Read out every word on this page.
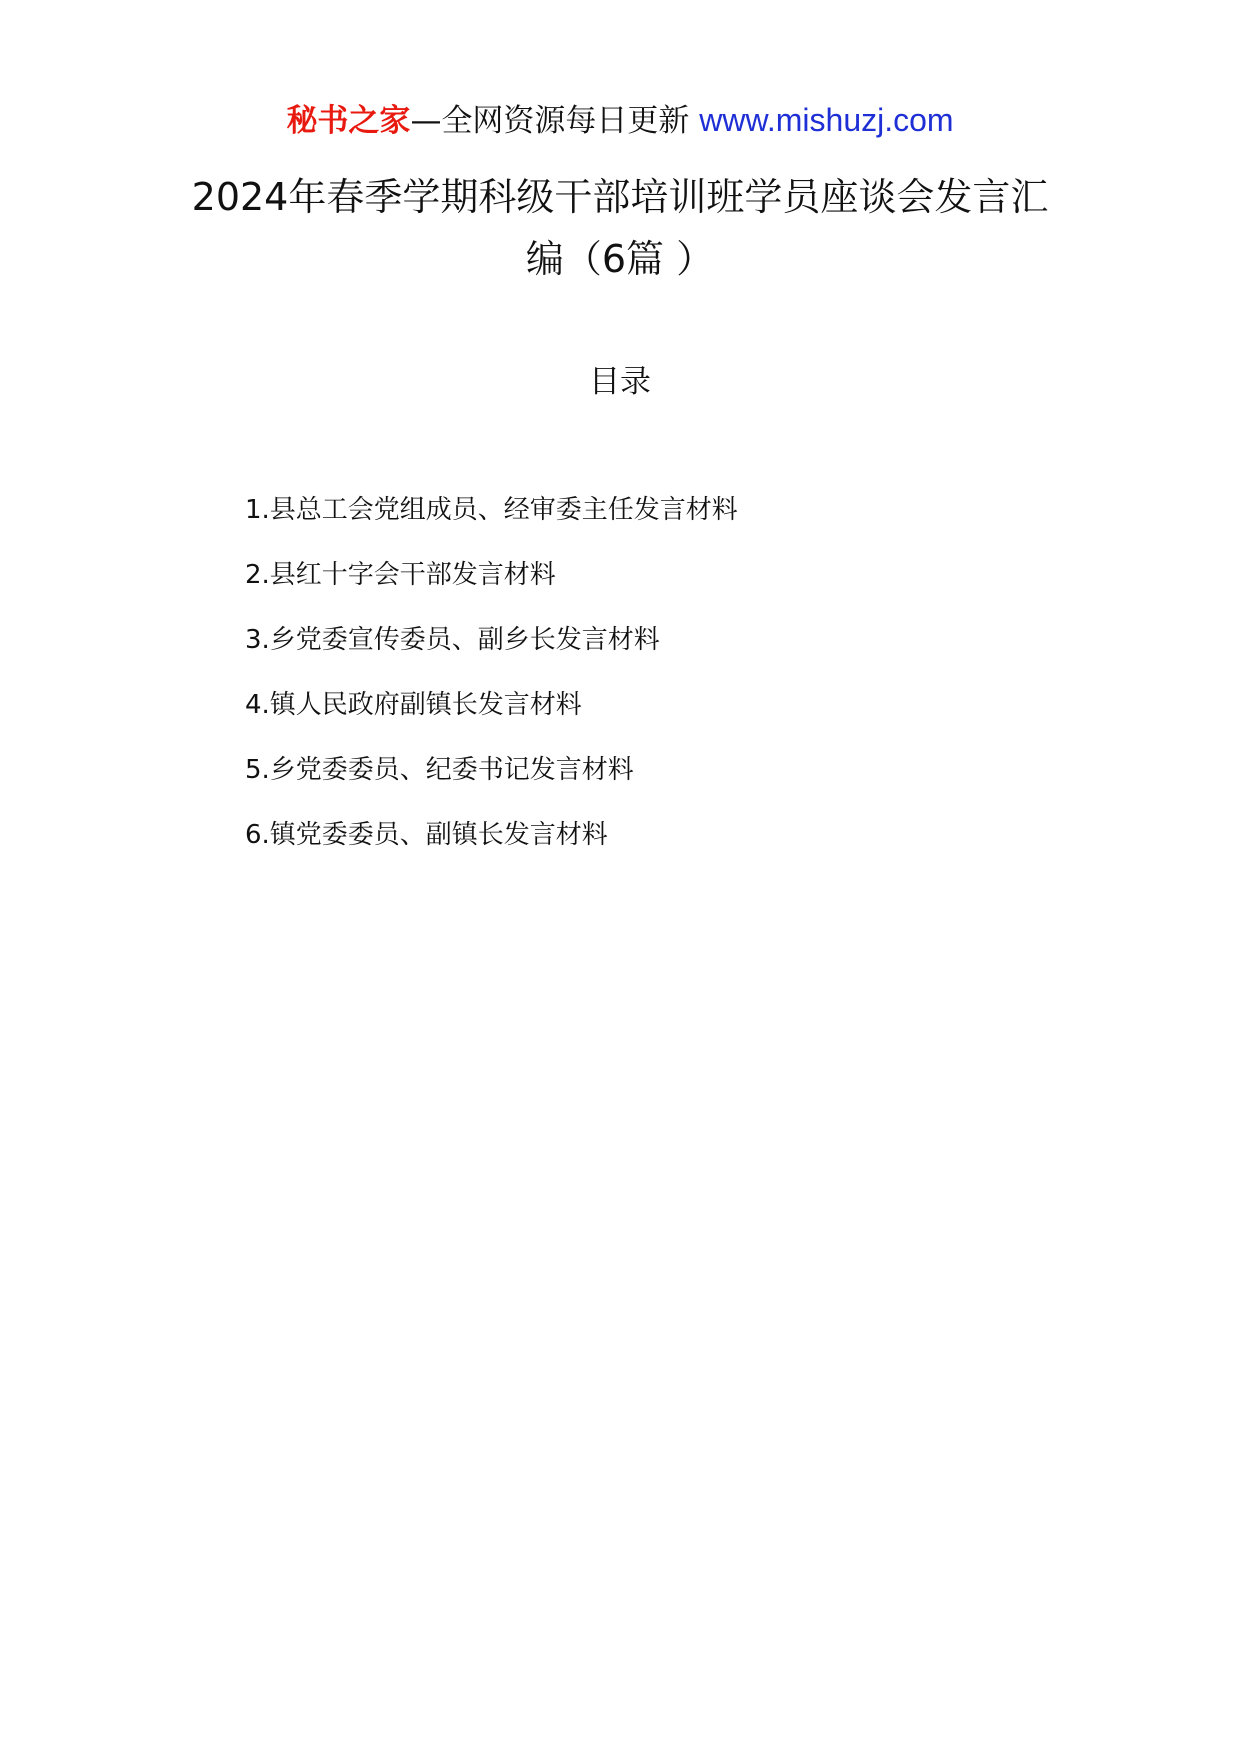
秘书之家—全网资源每日更新 www.mishuzj.com
2024年春季学期科级干部培训班学员座谈会发言汇编（6篇 ）
目录
1.县总工会党组成员、经审委主任发言材料
2.县红十字会干部发言材料
3.乡党委宣传委员、副乡长发言材料
4.镇人民政府副镇长发言材料
5.乡党委委员、纪委书记发言材料
6.镇党委委员、副镇长发言材料
